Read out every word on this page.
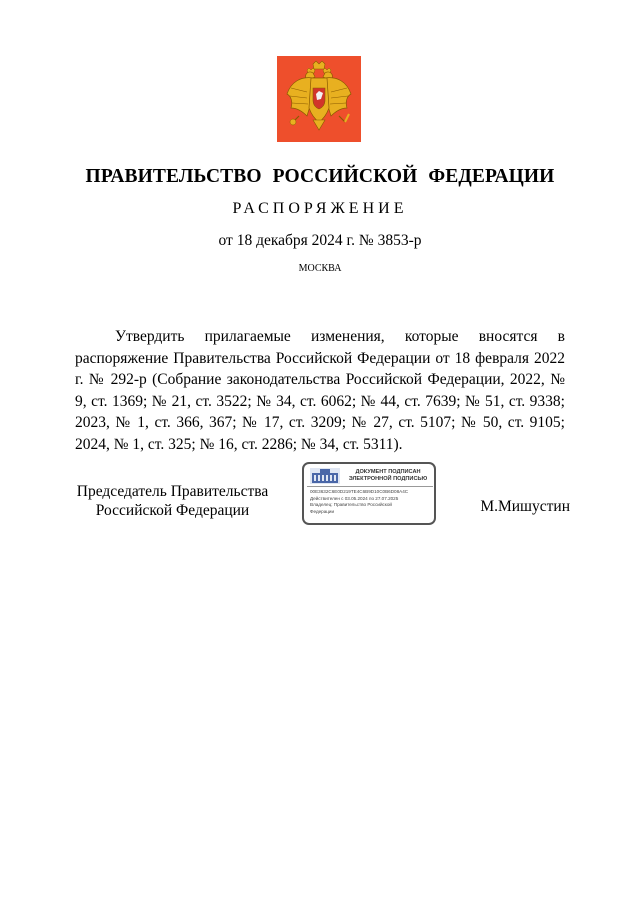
ПРАВИТЕЛЬСТВО РОССИЙСКОЙ ФЕДЕРАЦИИ
РАСПОРЯЖЕНИЕ
от 18 декабря 2024 г. № 3853-р
МОСКВА

Утвердить прилагаемые изменения, которые вносятся в распоряжение Правительства Российской Федерации от 18 февраля 2022 г. № 292-р (Собрание законодательства Российской Федерации, 2022, № 9, ст. 1369; № 21, ст. 3522; № 34, ст. 6062; № 44, ст. 7639; № 51, ст. 9338; 2023, № 1, ст. 366, 367; № 17, ст. 3209; № 27, ст. 5107; № 50, ст. 9105; 2024, № 1, ст. 325; № 16, ст. 2286; № 34, ст. 5311).

Председатель Правительства
Российской Федерации
ДОКУМЕНТ ПОДПИСАН
ЭЛЕКТРОННОЙ ПОДПИСЬЮ
00E3632C6E0D219TE4C6B9D10C0B6D08A4C
Действителен с 03.05.2024 по 27.07.2025
Владелец: Правительство Российской
Федерации	М.Мишустин
